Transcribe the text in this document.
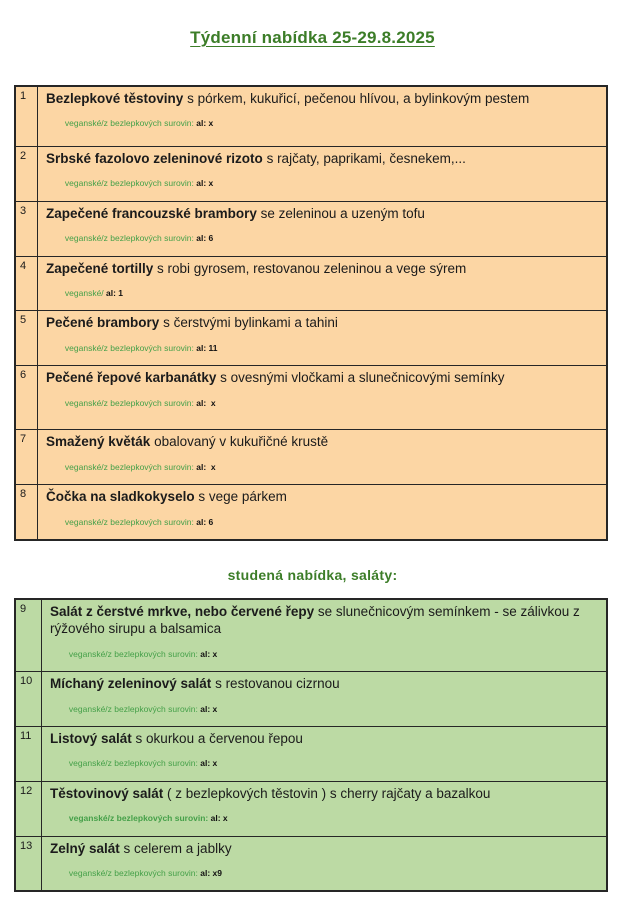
Týdenní nabídka 25-29.8.2025
1	Bezlepkové těstoviny s pórkem, kukuřicí, pečenou hlívou, a bylinkovým pestem

veganské/z bezlepkových surovin: al: x

2	Srbské fazolovo zeleninové rizoto s rajčaty, paprikami, česnekem,...

veganské/z bezlepkových surovin: al: x

3	Zapečené francouzské brambory se zeleninou a uzeným tofu

veganské/z bezlepkových surovin: al: 6

4	Zapečené tortilly s robi gyrosem, restovanou zeleninou a vege sýrem

veganské/ al: 1

5	Pečené brambory s čerstvými bylinkami a tahini

veganské/z bezlepkových surovin: al: 11

6	Pečené řepové karbanátky s ovesnými vločkami a slunečnicovými semínky

veganské/z bezlepkových surovin: al:  x

7	Smažený květák obalovaný v kukuřičné krustě

veganské/z bezlepkových surovin: al:  x

8	Čočka na sladkokyselo s vege párkem

veganské/z bezlepkových surovin: al: 6

studená nabídka, saláty:
9	Salát z čerstvé mrkve, nebo červené řepy se slunečnicovým semínkem - se zálivkou z rýžového sirupu a balsamica

veganské/z bezlepkových surovin: al: x

10	Míchaný zeleninový salát s restovanou cizrnou

veganské/z bezlepkových surovin: al: x

11	Listový salát s okurkou a červenou řepou

veganské/z bezlepkových surovin: al: x

12	Těstovinový salát ( z bezlepkových těstovin ) s cherry rajčaty a bazalkou

veganské/z bezlepkových surovin: al: x

13	Zelný salát s celerem a jablky

veganské/z bezlepkových surovin: al: x9
